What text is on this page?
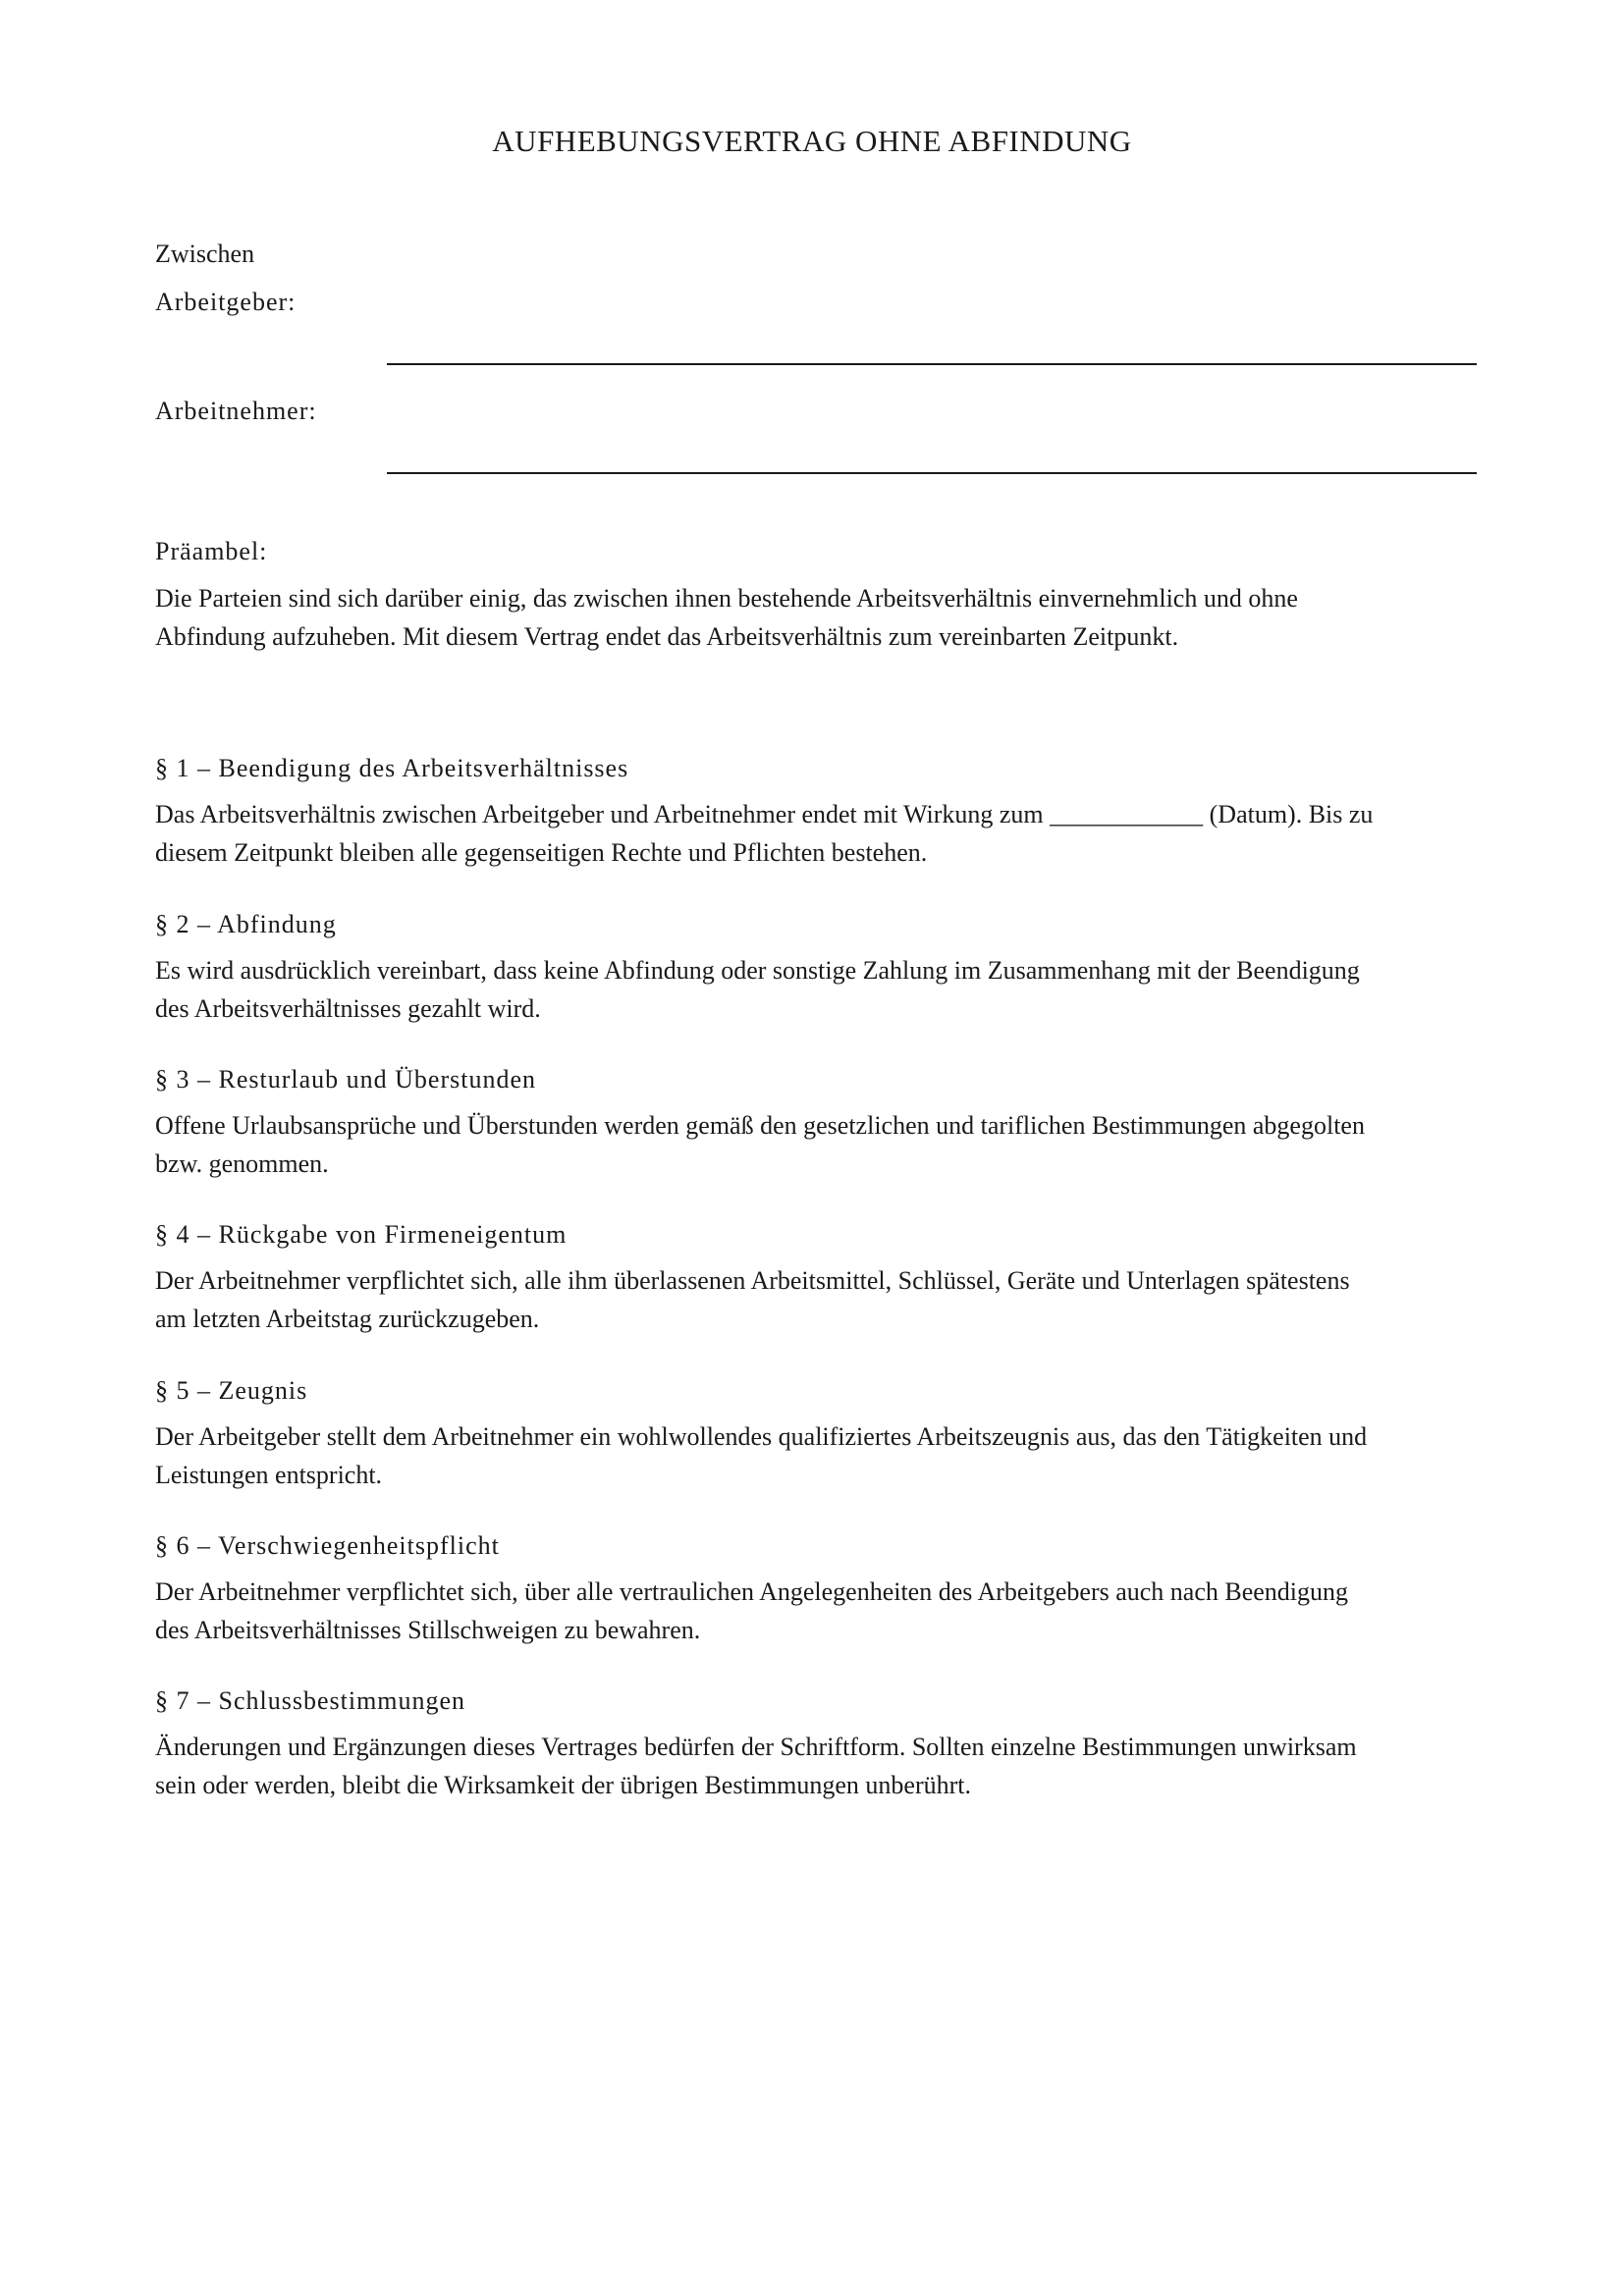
AUFHEBUNGSVERTRAG OHNE ABFINDUNG
Zwischen
Arbeitgeber:
Arbeitnehmer:
Präambel:

Die Parteien sind sich darüber einig, das zwischen ihnen bestehende Arbeitsverhältnis einvernehmlich und ohne

Abfindung aufzuheben. Mit diesem Vertrag endet das Arbeitsverhältnis zum vereinbarten Zeitpunkt.

§ 1 – Beendigung des Arbeitsverhältnisses

Das Arbeitsverhältnis zwischen Arbeitgeber und Arbeitnehmer endet mit Wirkung zum ____________ (Datum). Bis zu

diesem Zeitpunkt bleiben alle gegenseitigen Rechte und Pflichten bestehen.

§ 2 – Abfindung

Es wird ausdrücklich vereinbart, dass keine Abfindung oder sonstige Zahlung im Zusammenhang mit der Beendigung

des Arbeitsverhältnisses gezahlt wird.

§ 3 – Resturlaub und Überstunden

Offene Urlaubsansprüche und Überstunden werden gemäß den gesetzlichen und tariflichen Bestimmungen abgegolten

bzw. genommen.

§ 4 – Rückgabe von Firmeneigentum

Der Arbeitnehmer verpflichtet sich, alle ihm überlassenen Arbeitsmittel, Schlüssel, Geräte und Unterlagen spätestens

am letzten Arbeitstag zurückzugeben.

§ 5 – Zeugnis

Der Arbeitgeber stellt dem Arbeitnehmer ein wohlwollendes qualifiziertes Arbeitszeugnis aus, das den Tätigkeiten und

Leistungen entspricht.

§ 6 – Verschwiegenheitspflicht

Der Arbeitnehmer verpflichtet sich, über alle vertraulichen Angelegenheiten des Arbeitgebers auch nach Beendigung

des Arbeitsverhältnisses Stillschweigen zu bewahren.

§ 7 – Schlussbestimmungen

Änderungen und Ergänzungen dieses Vertrages bedürfen der Schriftform. Sollten einzelne Bestimmungen unwirksam

sein oder werden, bleibt die Wirksamkeit der übrigen Bestimmungen unberührt.
